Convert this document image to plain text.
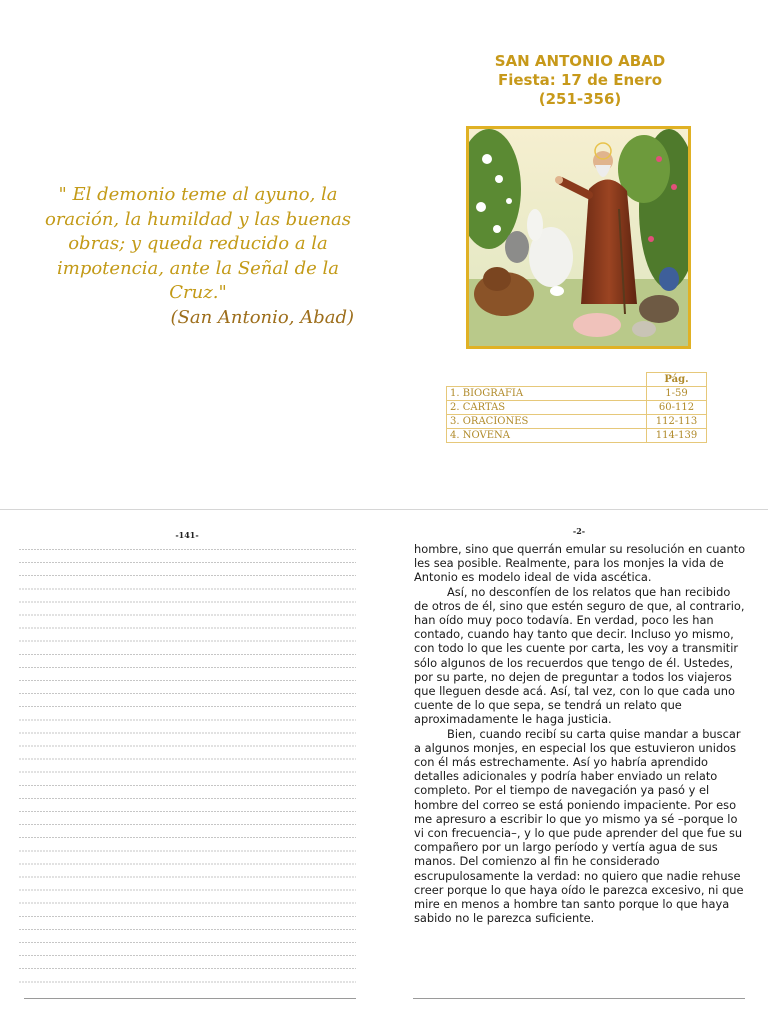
SAN ANTONIO ABAD
Fiesta: 17 de Enero
(251-356)
" El demonio teme al ayuno, la oración, la humildad y las buenas obras; y queda reducido a la impotencia, ante la Señal de la Cruz."
(San Antonio, Abad)
	Pág.
1. BIOGRAFIA	1-59
2. CARTAS	60-112
3. ORACIONES	112-113
4. NOVENA	114-139
-141-	-2-

hombre, sino que querrán emular su resolución en cuanto les sea posible. Realmente, para los monjes la vida de Antonio es modelo ideal de vida ascética.

Así, no desconfíen de los relatos que han recibido de otros de él, sino que estén seguro de que, al contrario, han oído muy poco todavía. En verdad, poco les han contado, cuando hay tanto que decir. Incluso yo mismo, con todo lo que les cuente por carta, les voy a transmitir sólo algunos de los recuerdos que tengo de él. Ustedes, por su parte, no dejen de preguntar a todos los viajeros que lleguen desde acá. Así, tal vez, con lo que cada uno cuente de lo que sepa, se tendrá un relato que aproximadamente le haga justicia.

Bien, cuando recibí su carta quise mandar a buscar a algunos monjes, en especial los que estuvieron unidos con él más estrechamente. Así yo habría aprendido detalles adicionales y podría haber enviado un relato completo. Por el tiempo de navegación ya pasó y el hombre del correo se está poniendo impaciente. Por eso me apresuro a escribir lo que yo mismo ya sé –porque lo vi con frecuencia–, y lo que pude aprender del que fue su compañero por un largo período y vertía agua de sus manos. Del comienzo al fin he considerado escrupulosamente la verdad: no quiero que nadie rehuse creer porque lo que haya oído le parezca excesivo, ni que mire en menos a hombre tan santo porque lo que haya sabido no le parezca suficiente.
